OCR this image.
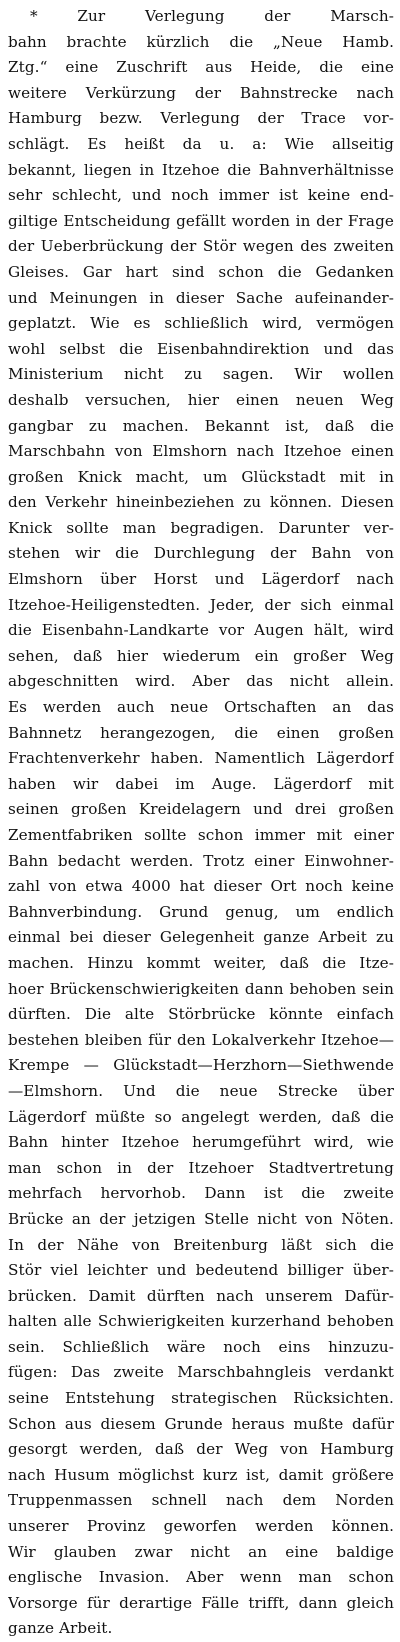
* Zur Verlegung der Marsch-
bahn brachte kürzlich die „Neue Hamb.
Ztg.“ eine Zuschrift aus Heide, die eine
weitere Verkürzung der Bahnstrecke nach
Hamburg bezw. Verlegung der Trace vor-
schlägt. Es heißt da u. a: Wie allseitig
bekannt, liegen in Itzehoe die Bahnverhältnisse
sehr schlecht, und noch immer ist keine end-
giltige Entscheidung gefällt worden in der Frage
der Ueberbrückung der Stör wegen des zweiten
Gleises. Gar hart sind schon die Gedanken
und Meinungen in dieser Sache aufeinander-
geplatzt. Wie es schließlich wird, vermögen
wohl selbst die Eisenbahndirektion und das
Ministerium nicht zu sagen. Wir wollen
deshalb versuchen, hier einen neuen Weg
gangbar zu machen. Bekannt ist, daß die
Marschbahn von Elmshorn nach Itzehoe einen
großen Knick macht, um Glückstadt mit in
den Verkehr hineinbeziehen zu können. Diesen
Knick sollte man begradigen. Darunter ver-
stehen wir die Durchlegung der Bahn von
Elmshorn über Horst und Lägerdorf nach
Itzehoe-Heiligenstedten. Jeder, der sich einmal
die Eisenbahn-Landkarte vor Augen hält, wird
sehen, daß hier wiederum ein großer Weg
abgeschnitten wird. Aber das nicht allein.
Es werden auch neue Ortschaften an das
Bahnnetz herangezogen, die einen großen
Frachtenverkehr haben. Namentlich Lägerdorf
haben wir dabei im Auge. Lägerdorf mit
seinen großen Kreidelagern und drei großen
Zementfabriken sollte schon immer mit einer
Bahn bedacht werden. Trotz einer Einwohner-
zahl von etwa 4000 hat dieser Ort noch keine
Bahnverbindung. Grund genug, um endlich
einmal bei dieser Gelegenheit ganze Arbeit zu
machen. Hinzu kommt weiter, daß die Itze-
hoer Brückenschwierigkeiten dann behoben sein
dürften. Die alte Störbrücke könnte einfach
bestehen bleiben für den Lokalverkehr Itzehoe—
Krempe — Glückstadt—Herzhorn—Siethwende
—Elmshorn. Und die neue Strecke über
Lägerdorf müßte so angelegt werden, daß die
Bahn hinter Itzehoe herumgeführt wird, wie
man schon in der Itzehoer Stadtvertretung
mehrfach hervorhob. Dann ist die zweite
Brücke an der jetzigen Stelle nicht von Nöten.
In der Nähe von Breitenburg läßt sich die
Stör viel leichter und bedeutend billiger über-
brücken. Damit dürften nach unserem Dafür-
halten alle Schwierigkeiten kurzerhand behoben
sein. Schließlich wäre noch eins hinzuzu-
fügen: Das zweite Marschbahngleis verdankt
seine Entstehung strategischen Rücksichten.
Schon aus diesem Grunde heraus mußte dafür
gesorgt werden, daß der Weg von Hamburg
nach Husum möglichst kurz ist, damit größere
Truppenmassen schnell nach dem Norden
unserer Provinz geworfen werden können.
Wir glauben zwar nicht an eine baldige
englische Invasion. Aber wenn man schon
Vorsorge für derartige Fälle trifft, dann gleich
ganze Arbeit.
